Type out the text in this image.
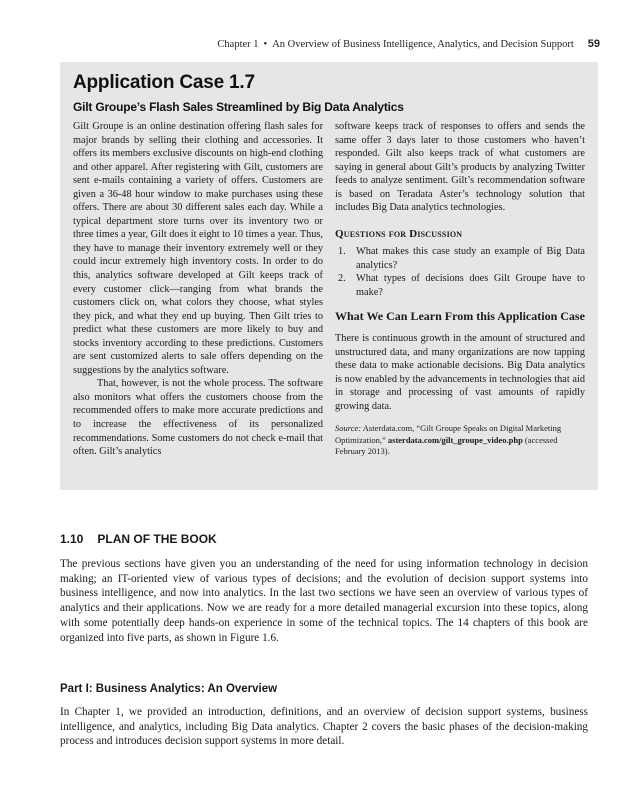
Chapter 1 • An Overview of Business Intelligence, Analytics, and Decision Support 59
Application Case 1.7
Gilt Groupe’s Flash Sales Streamlined by Big Data Analytics

Gilt Groupe is an online destination offering flash sales for major brands by selling their clothing and accessories. It offers its members exclusive discounts on high-end clothing and other apparel. After registering with Gilt, customers are sent e-mails containing a variety of offers. Customers are given a 36-48 hour window to make purchases using these offers. There are about 30 different sales each day. While a typical department store turns over its inventory two or three times a year, Gilt does it eight to 10 times a year. Thus, they have to manage their inventory extremely well or they could incur extremely high inventory costs. In order to do this, analytics software developed at Gilt keeps track of every customer click—ranging from what brands the customers click on, what colors they choose, what styles they pick, and what they end up buying. Then Gilt tries to predict what these customers are more likely to buy and stocks inventory according to these predictions. Customers are sent customized alerts to sale offers depending on the suggestions by the analytics software.

That, however, is not the whole process. The software also monitors what offers the customers choose from the recommended offers to make more accurate predictions and to increase the effectiveness of its personalized recommendations. Some customers do not check e-mail that often. Gilt’s analytics

software keeps track of responses to offers and sends the same offer 3 days later to those customers who haven’t responded. Gilt also keeps track of what customers are saying in general about Gilt’s products by analyzing Twitter feeds to analyze sentiment. Gilt’s recommendation software is based on Teradata Aster’s technology solution that includes Big Data analytics technologies.

Questions for Discussion
1. What makes this case study an example of Big Data analytics?
2. What types of decisions does Gilt Groupe have to make?
What We Can Learn From this Application Case

There is continuous growth in the amount of structured and unstructured data, and many organizations are now tapping these data to make actionable decisions. Big Data analytics is now enabled by the advancements in technologies that aid in storage and processing of vast amounts of rapidly growing data.

Source: Asterdata.com, “Gilt Groupe Speaks on Digital Marketing Optimization,” asterdata.com/gilt_groupe_video.php (accessed February 2013).
1.10 PLAN OF THE BOOK

The previous sections have given you an understanding of the need for using information technology in decision making; an IT-oriented view of various types of decisions; and the evolution of decision support systems into business intelligence, and now into analytics. In the last two sections we have seen an overview of various types of analytics and their applications. Now we are ready for a more detailed managerial excursion into these topics, along with some potentially deep hands-on experience in some of the technical topics. The 14 chapters of this book are organized into five parts, as shown in Figure 1.6.

Part I: Business Analytics: An Overview

In Chapter 1, we provided an introduction, definitions, and an overview of decision support systems, business intelligence, and analytics, including Big Data analytics. Chapter 2 covers the basic phases of the decision-making process and introduces decision support systems in more detail.
